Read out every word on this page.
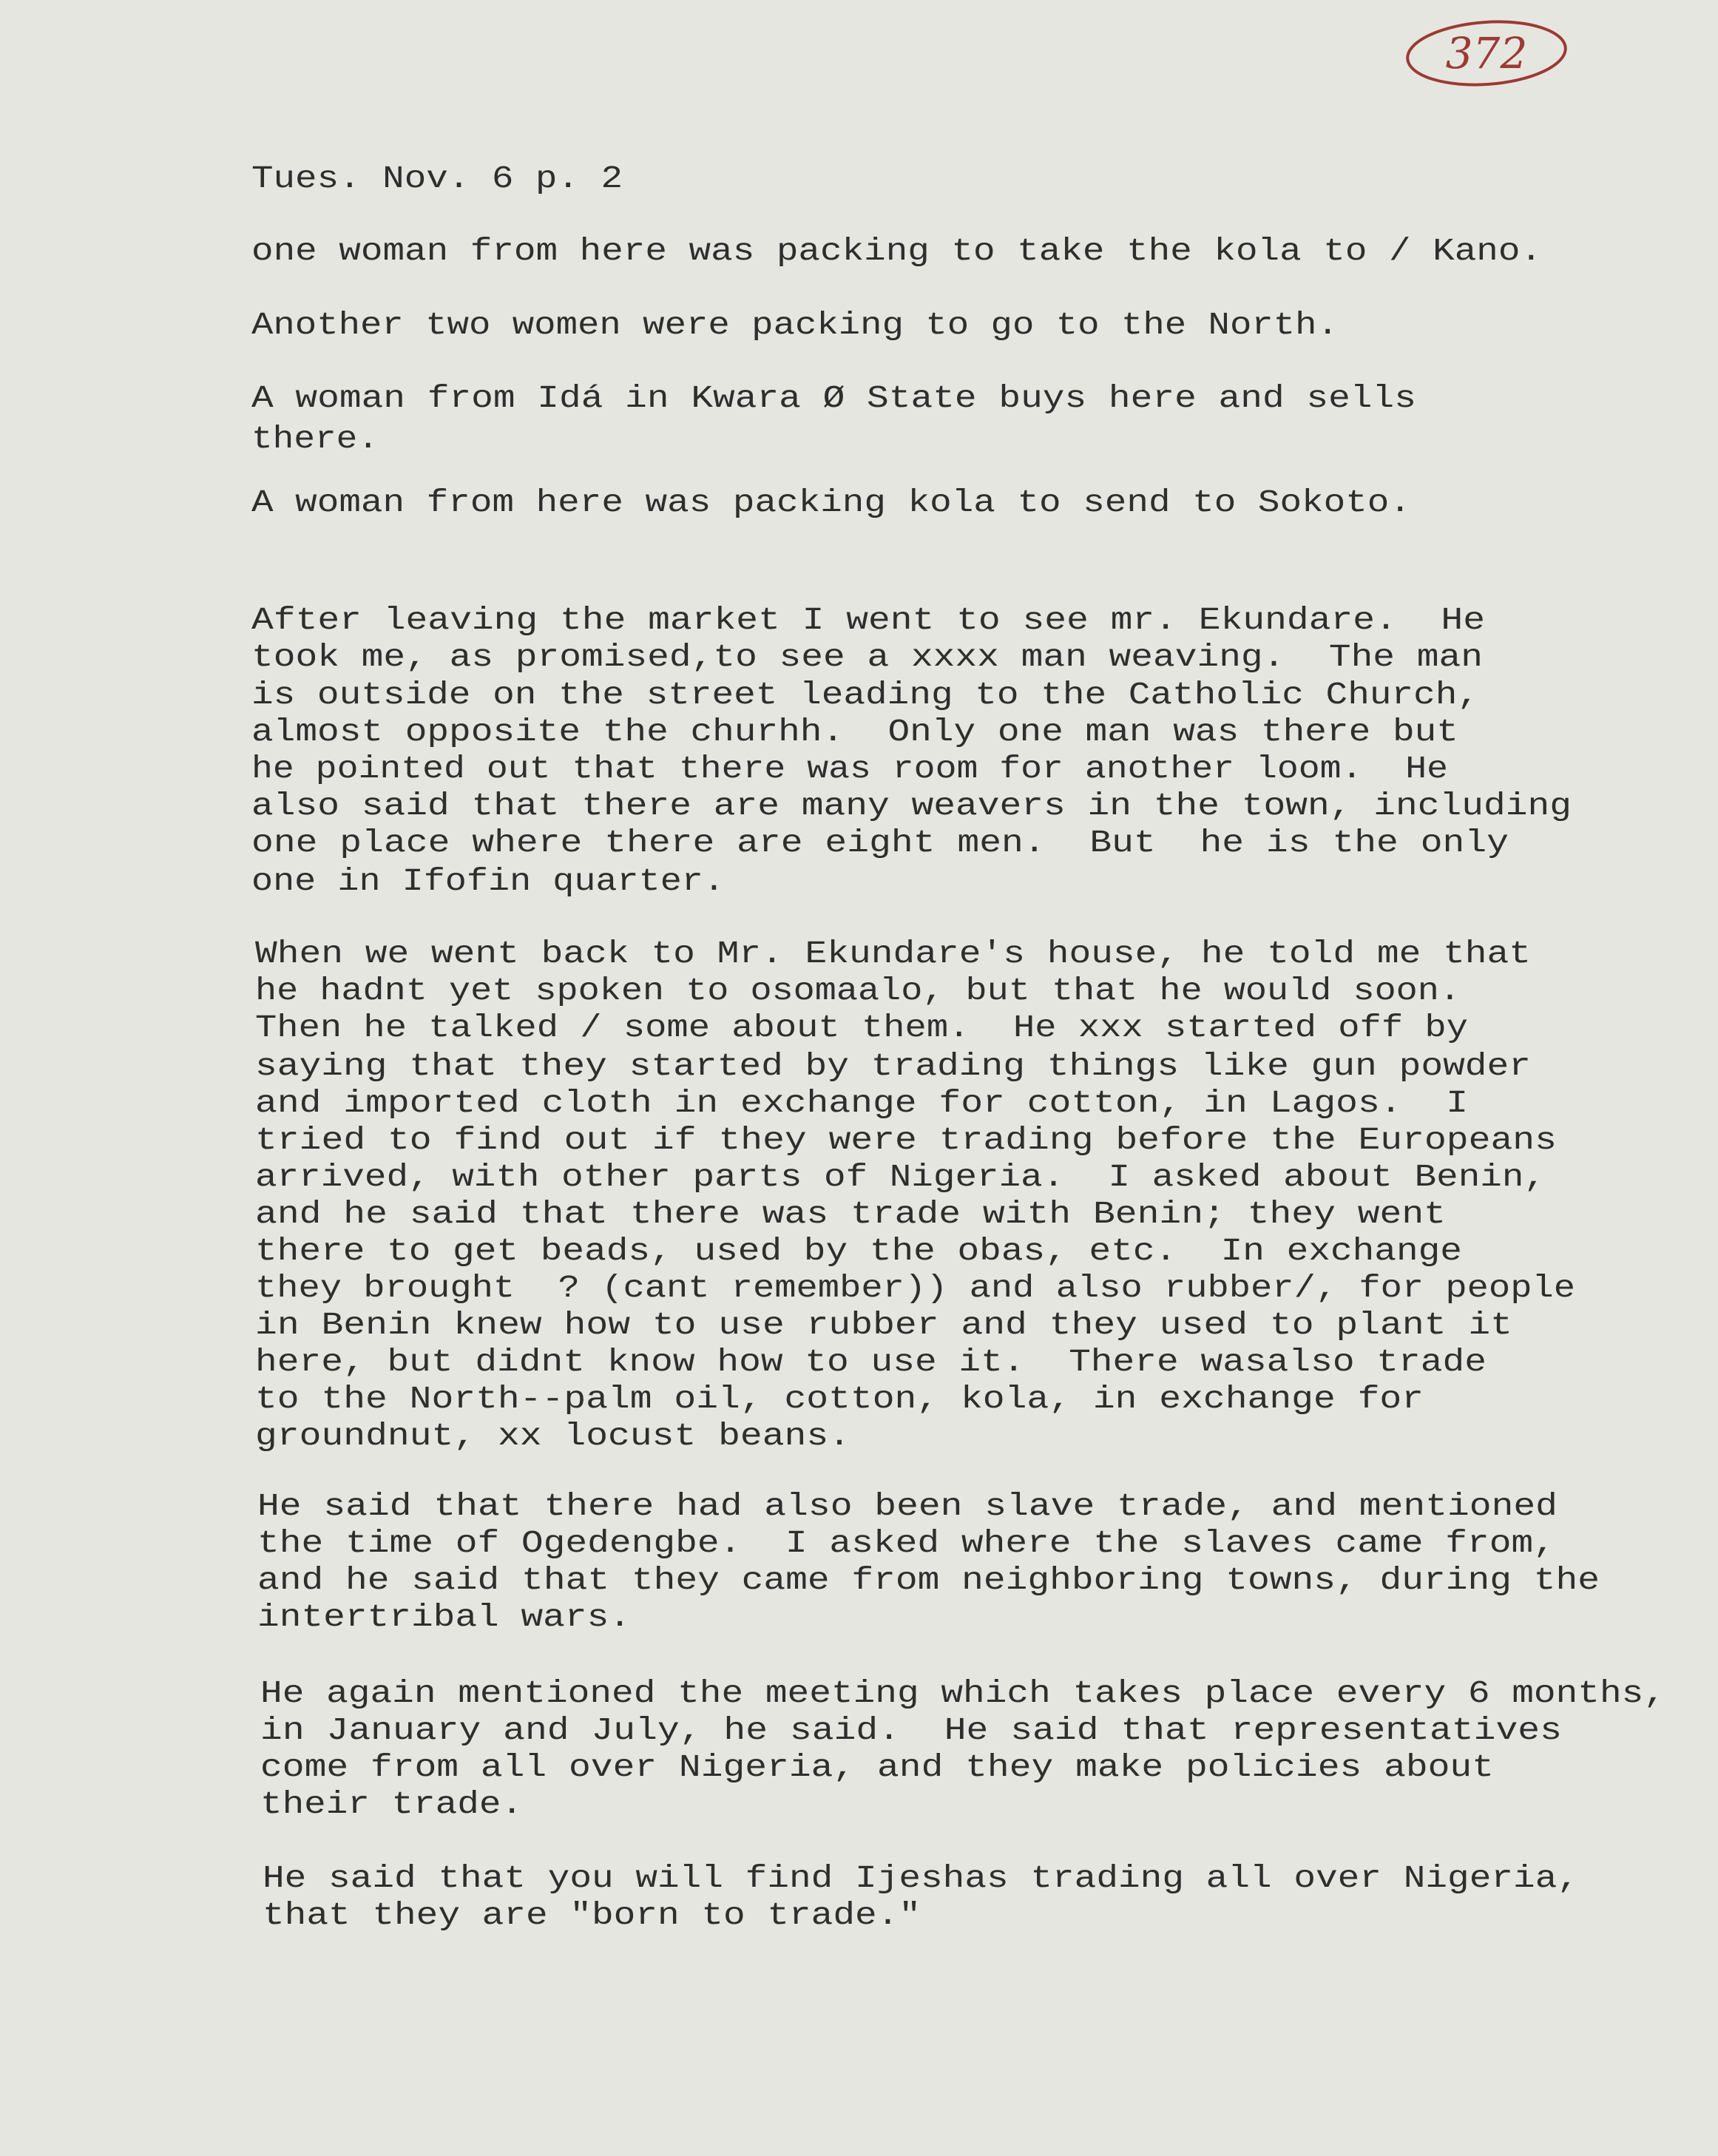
372

Tues. Nov. 6 p. 2

one woman from here was packing to take the kola to / Kano.

Another two women were packing to go to the North.

A woman from Idá in Kwara Ø State buys here and sells

there.

A woman from here was packing kola to send to Sokoto.

After leaving the market I went to see mr. Ekundare.  He

took me, as promised,to see a xxxx man weaving.  The man

is outside on the street leading to the Catholic Church,

almost opposite the churhh.  Only one man was there but

he pointed out that there was room for another loom.  He

also said that there are many weavers in the town, including

one place where there are eight men.  But  he is the only

one in Ifofin quarter.

When we went back to Mr. Ekundare's house, he told me that

he hadnt yet spoken to osomaalo, but that he would soon.

Then he talked / some about them.  He xxx started off by

saying that they started by trading things like gun powder

and imported cloth in exchange for cotton, in Lagos.  I

tried to find out if they were trading before the Europeans

arrived, with other parts of Nigeria.  I asked about Benin,

and he said that there was trade with Benin; they went

there to get beads, used by the obas, etc.  In exchange

they brought  ? (cant remember)) and also rubber/, for people

in Benin knew how to use rubber and they used to plant it

here, but didnt know how to use it.  There wasalso trade

to the North--palm oil, cotton, kola, in exchange for

groundnut, xx locust beans.

He said that there had also been slave trade, and mentioned

the time of Ogedengbe.  I asked where the slaves came from,

and he said that they came from neighboring towns, during the

intertribal wars.

He again mentioned the meeting which takes place every 6 months,

in January and July, he said.  He said that representatives

come from all over Nigeria, and they make policies about

their trade.

He said that you will find Ijeshas trading all over Nigeria,

that they are "born to trade."
